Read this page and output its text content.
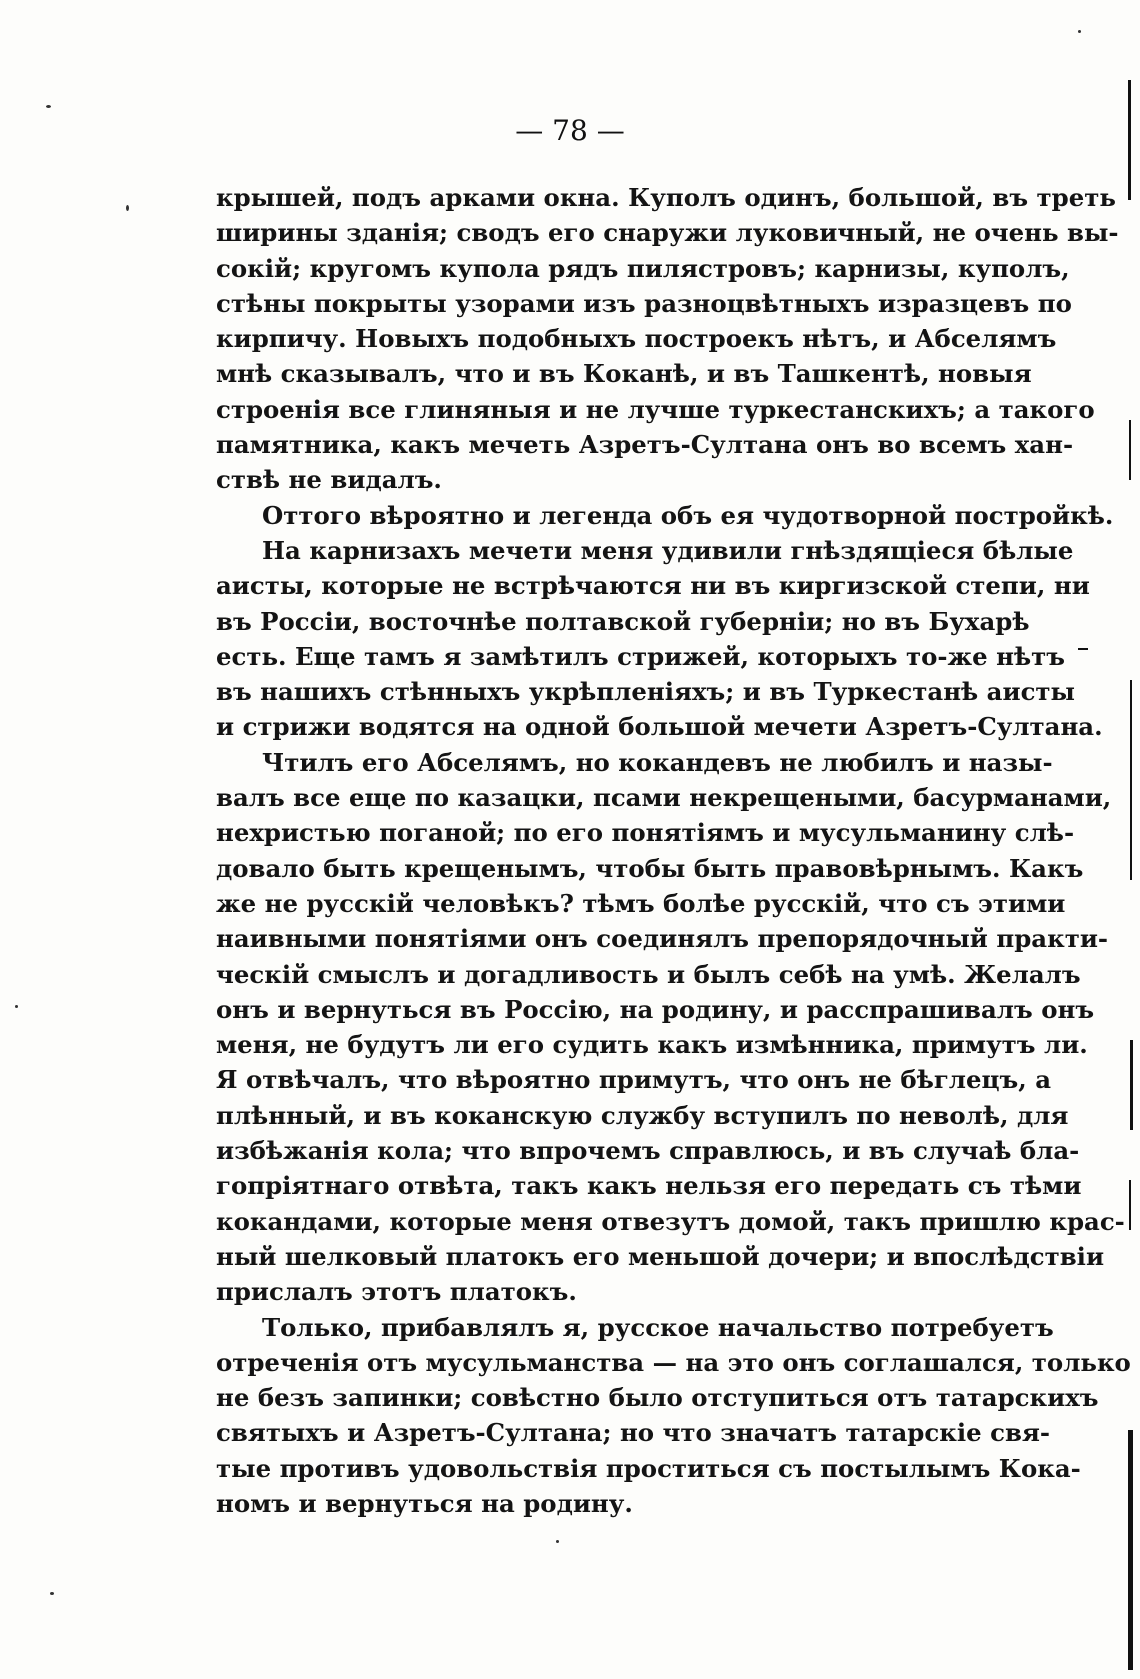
— 78 —
крышей, подъ арками окна. Куполъ одинъ, большой, въ треть
ширины зданія; сводъ его снаружи луковичный, не очень вы-
сокій; кругомъ купола рядъ пилястровъ; карнизы, куполъ,
стѣны покрыты узорами изъ разноцвѣтныхъ изразцевъ по
кирпичу. Новыхъ подобныхъ построекъ нѣтъ, и Абселямъ
мнѣ сказывалъ, что и въ Коканѣ, и въ Ташкентѣ, новыя
строенія все глиняныя и не лучше туркестанскихъ; а такого
памятника, какъ мечеть Азретъ-Султана онъ во всемъ хан-
ствѣ не видалъ.
Оттого вѣроятно и легенда объ ея чудотворной постройкѣ.
На карнизахъ мечети меня удивили гнѣздящіеся бѣлые
аисты, которые не встрѣчаются ни въ киргизской степи, ни
въ Россіи, восточнѣе полтавской губерніи; но въ Бухарѣ
есть. Еще тамъ я замѣтилъ стрижей, которыхъ то-же нѣтъ
въ нашихъ стѣнныхъ укрѣпленіяхъ; и въ Туркестанѣ аисты
и стрижи водятся на одной большой мечети Азретъ-Султана.
Чтилъ его Абселямъ, но кокандевъ не любилъ и назы-
валъ все еще по казацки, псами некрещеными, басурманами,
нехристью поганой; по его понятіямъ и мусульманину слѣ-
довало быть крещенымъ, чтобы быть правовѣрнымъ. Какъ
же не русскій человѣкъ? тѣмъ болѣе русскій, что съ этими
наивными понятіями онъ соединялъ препорядочный практи-
ческій смыслъ и догадливость и былъ себѣ на умѣ. Желалъ
онъ и вернуться въ Россію, на родину, и расспрашивалъ онъ
меня, не будутъ ли его судить какъ измѣнника, примутъ ли.
Я отвѣчалъ, что вѣроятно примутъ, что онъ не бѣглецъ, а
плѣнный, и въ коканскую службу вступилъ по неволѣ, для
избѣжанія кола; что впрочемъ справлюсь, и въ случаѣ бла-
гопріятнаго отвѣта, такъ какъ нельзя его передать съ тѣми
кокандами, которые меня отвезутъ домой, такъ пришлю крас-
ный шелковый платокъ его меньшой дочери; и впослѣдствіи
прислалъ этотъ платокъ.
Только, прибавлялъ я, русское начальство потребуетъ
отреченія отъ мусульманства — на это онъ соглашался, только
не безъ запинки; совѣстно было отступиться отъ татарскихъ
святыхъ и Азретъ-Султана; но что значатъ татарскіе свя-
тые противъ удовольствія проститься съ постылымъ Кока-
номъ и вернуться на родину.
